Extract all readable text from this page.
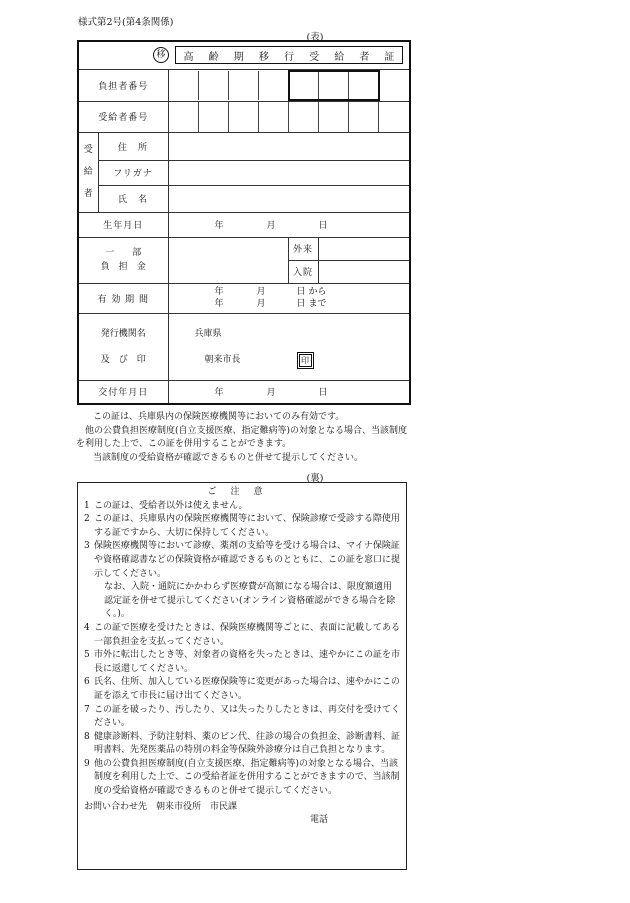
様式第2号(第4条関係)
(表)
移	高 齢 期 移 行 受 給 者 証

負担者番号	

受給者番号	

受
給
者
	住　所	
フリガナ	
氏　名	
生年月日	年	月	日

一　　部
負　担　金
		外来	
入院	
有 効 期 間	
年	月	日 から
年	月	日 まで

発行機関名
及　び　印

兵庫県
朝来市長	印

交付年月日	年	月	日

この証は、兵庫県内の保険医療機関等においてのみ有効です。

他の公費負担医療制度(自立支援医療、指定難病等)の対象となる場合、当該制度を利用した上で、この証を併用することができます。

当該制度の受給資格が確認できるものと併せて提示してください。

(裏)
ご注意
1 この証は、受給者以外は使えません。
2 この証は、兵庫県内の保険医療機関等において、保険診療で受診する際使用する証ですから、大切に保持してください。
3 保険医療機関等において診療、薬剤の支給等を受ける場合は、マイナ保険証や資格確認書などの保険資格が確認できるものとともに、この証を窓口に提示してください。
なお、入院・通院にかかわらず医療費が高額になる場合は、限度額適用認定証を併せて提示してください(オンライン資格確認ができる場合を除く。)。
4 この証で医療を受けたときは、保険医療機関等ごとに、表面に記載してある一部負担金を支払ってください。
5 市外に転出したとき等、対象者の資格を失ったときは、速やかにこの証を市長に返還してください。
6 氏名、住所、加入している医療保険等に変更があった場合は、速やかにこの証を添えて市長に届け出てください。
7 この証を破ったり、汚したり、又は失ったりしたときは、再交付を受けてください。
8 健康診断料、予防注射料、薬のビン代、往診の場合の負担金、診断書料、証明書料、先発医薬品の特別の料金等保険外診療分は自己負担となります。
9 他の公費負担医療制度(自立支援医療、指定難病等)の対象となる場合、当該制度を利用した上で、この受給者証を併用することができますので、当該制度の受給資格が確認できるものと併せて提示してください。
お問い合わせ先　朝来市役所　市民課
電話
